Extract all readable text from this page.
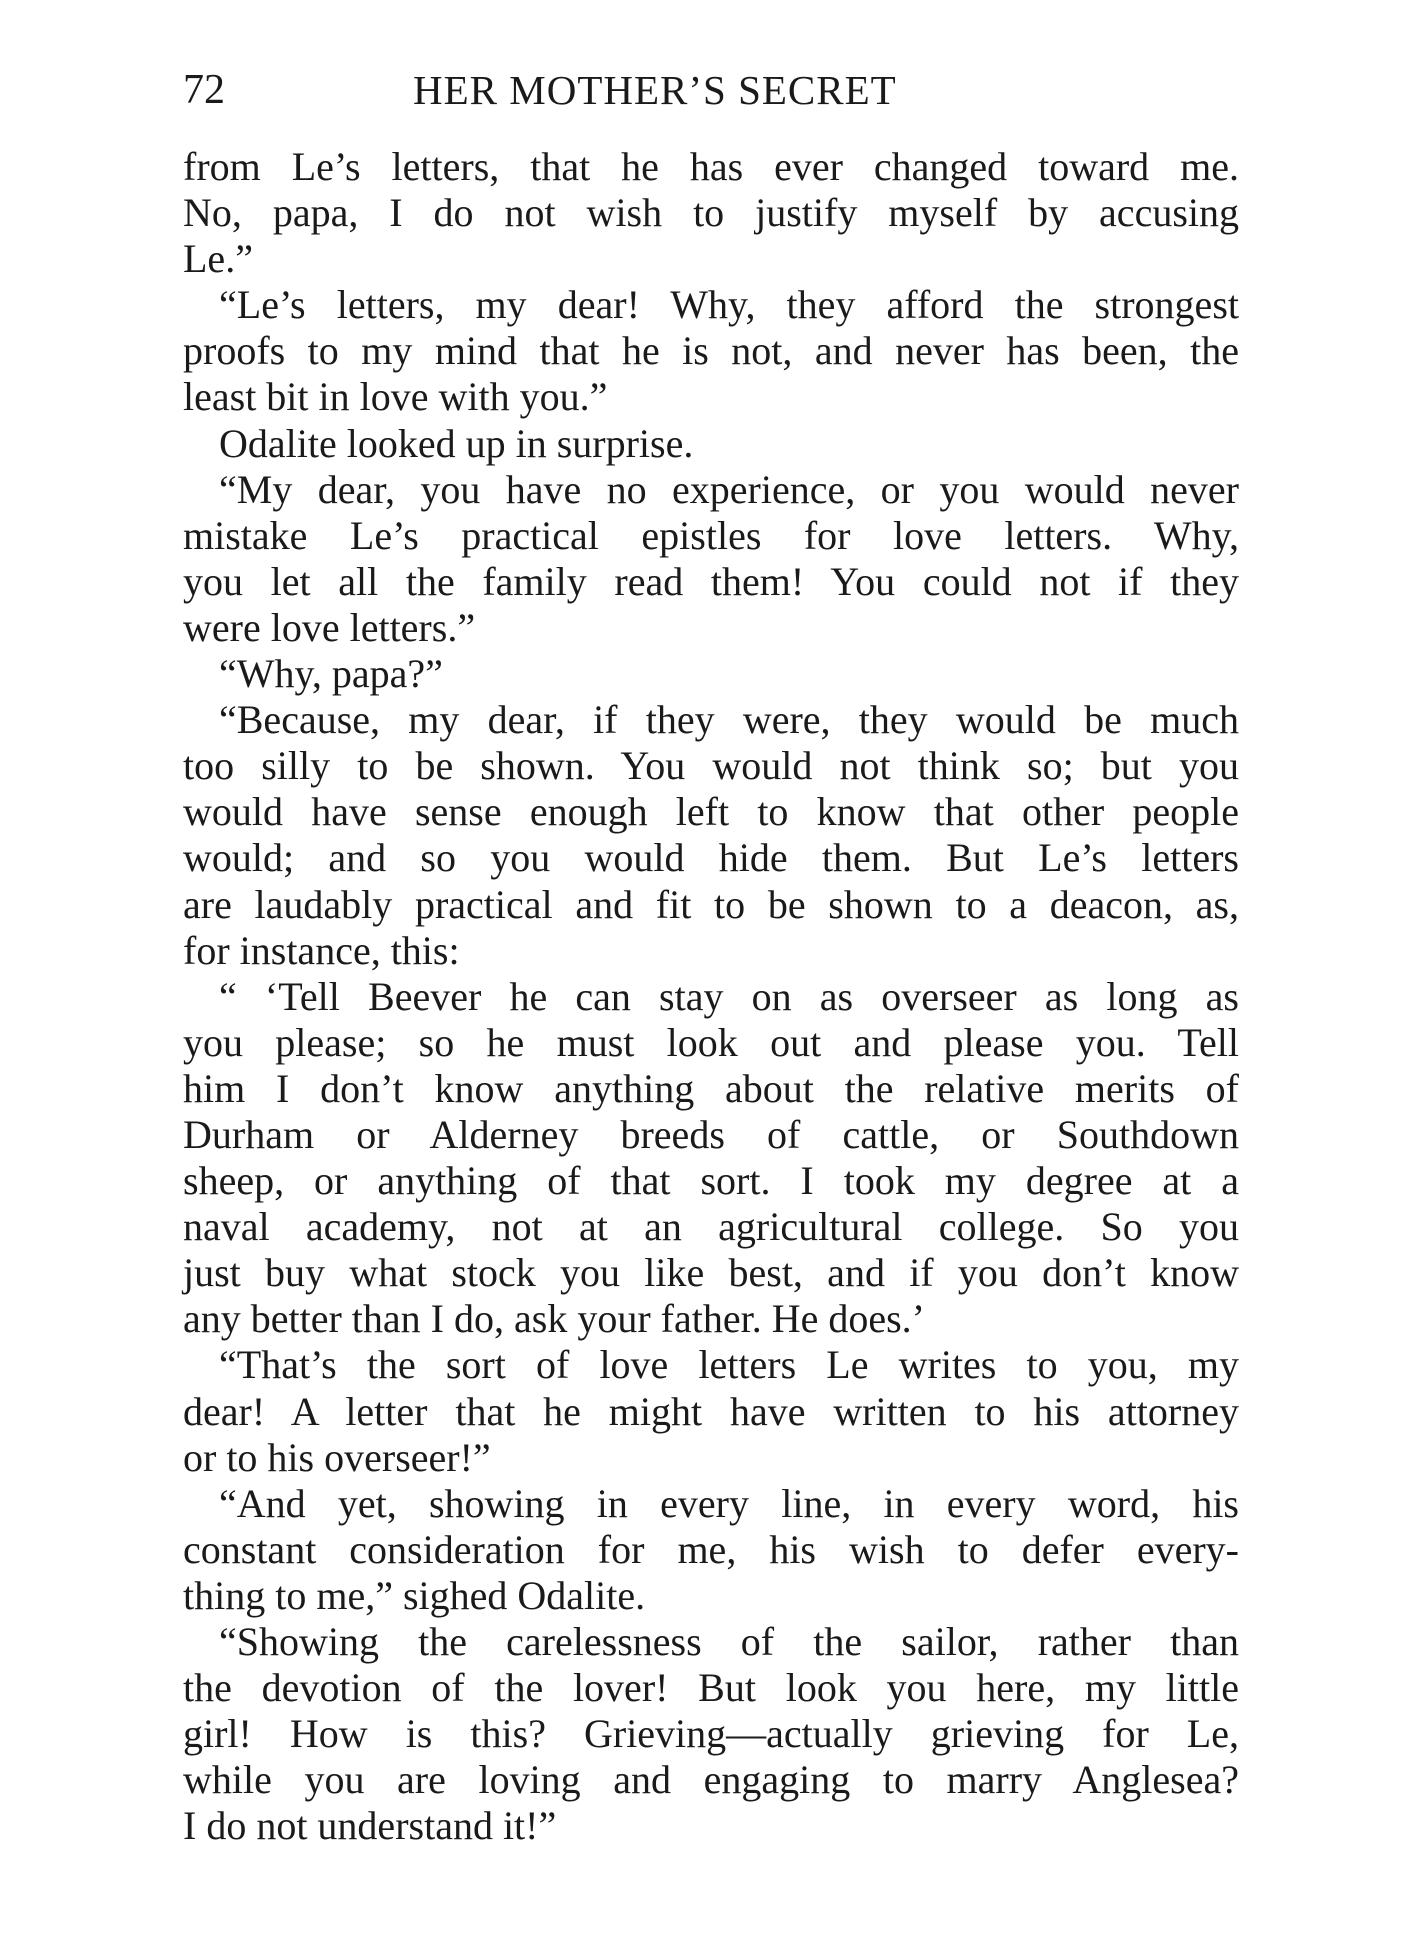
72	HER MOTHER’S SECRET
from Le’s letters, that he has ever changed toward me.
No, papa, I do not wish to justify myself by accusing
Le.”
“Le’s letters, my dear! Why, they afford the strongest
proofs to my mind that he is not, and never has been, the
least bit in love with you.”
Odalite looked up in surprise.
“My dear, you have no experience, or you would never
mistake Le’s practical epistles for love letters. Why,
you let all the family read them! You could not if they
were love letters.”
“Why, papa?”
“Because, my dear, if they were, they would be much
too silly to be shown. You would not think so; but you
would have sense enough left to know that other people
would; and so you would hide them. But Le’s letters
are laudably practical and fit to be shown to a deacon, as,
for instance, this:
“ ‘Tell Beever he can stay on as overseer as long as
you please; so he must look out and please you. Tell
him I don’t know anything about the relative merits of
Durham or Alderney breeds of cattle, or Southdown
sheep, or anything of that sort. I took my degree at a
naval academy, not at an agricultural college. So you
just buy what stock you like best, and if you don’t know
any better than I do, ask your father. He does.’
“That’s the sort of love letters Le writes to you, my
dear! A letter that he might have written to his attorney
or to his overseer!”
“And yet, showing in every line, in every word, his
constant consideration for me, his wish to defer every-
thing to me,” sighed Odalite.
“Showing the carelessness of the sailor, rather than
the devotion of the lover! But look you here, my little
girl! How is this? Grieving—actually grieving for Le,
while you are loving and engaging to marry Anglesea?
I do not understand it!”
